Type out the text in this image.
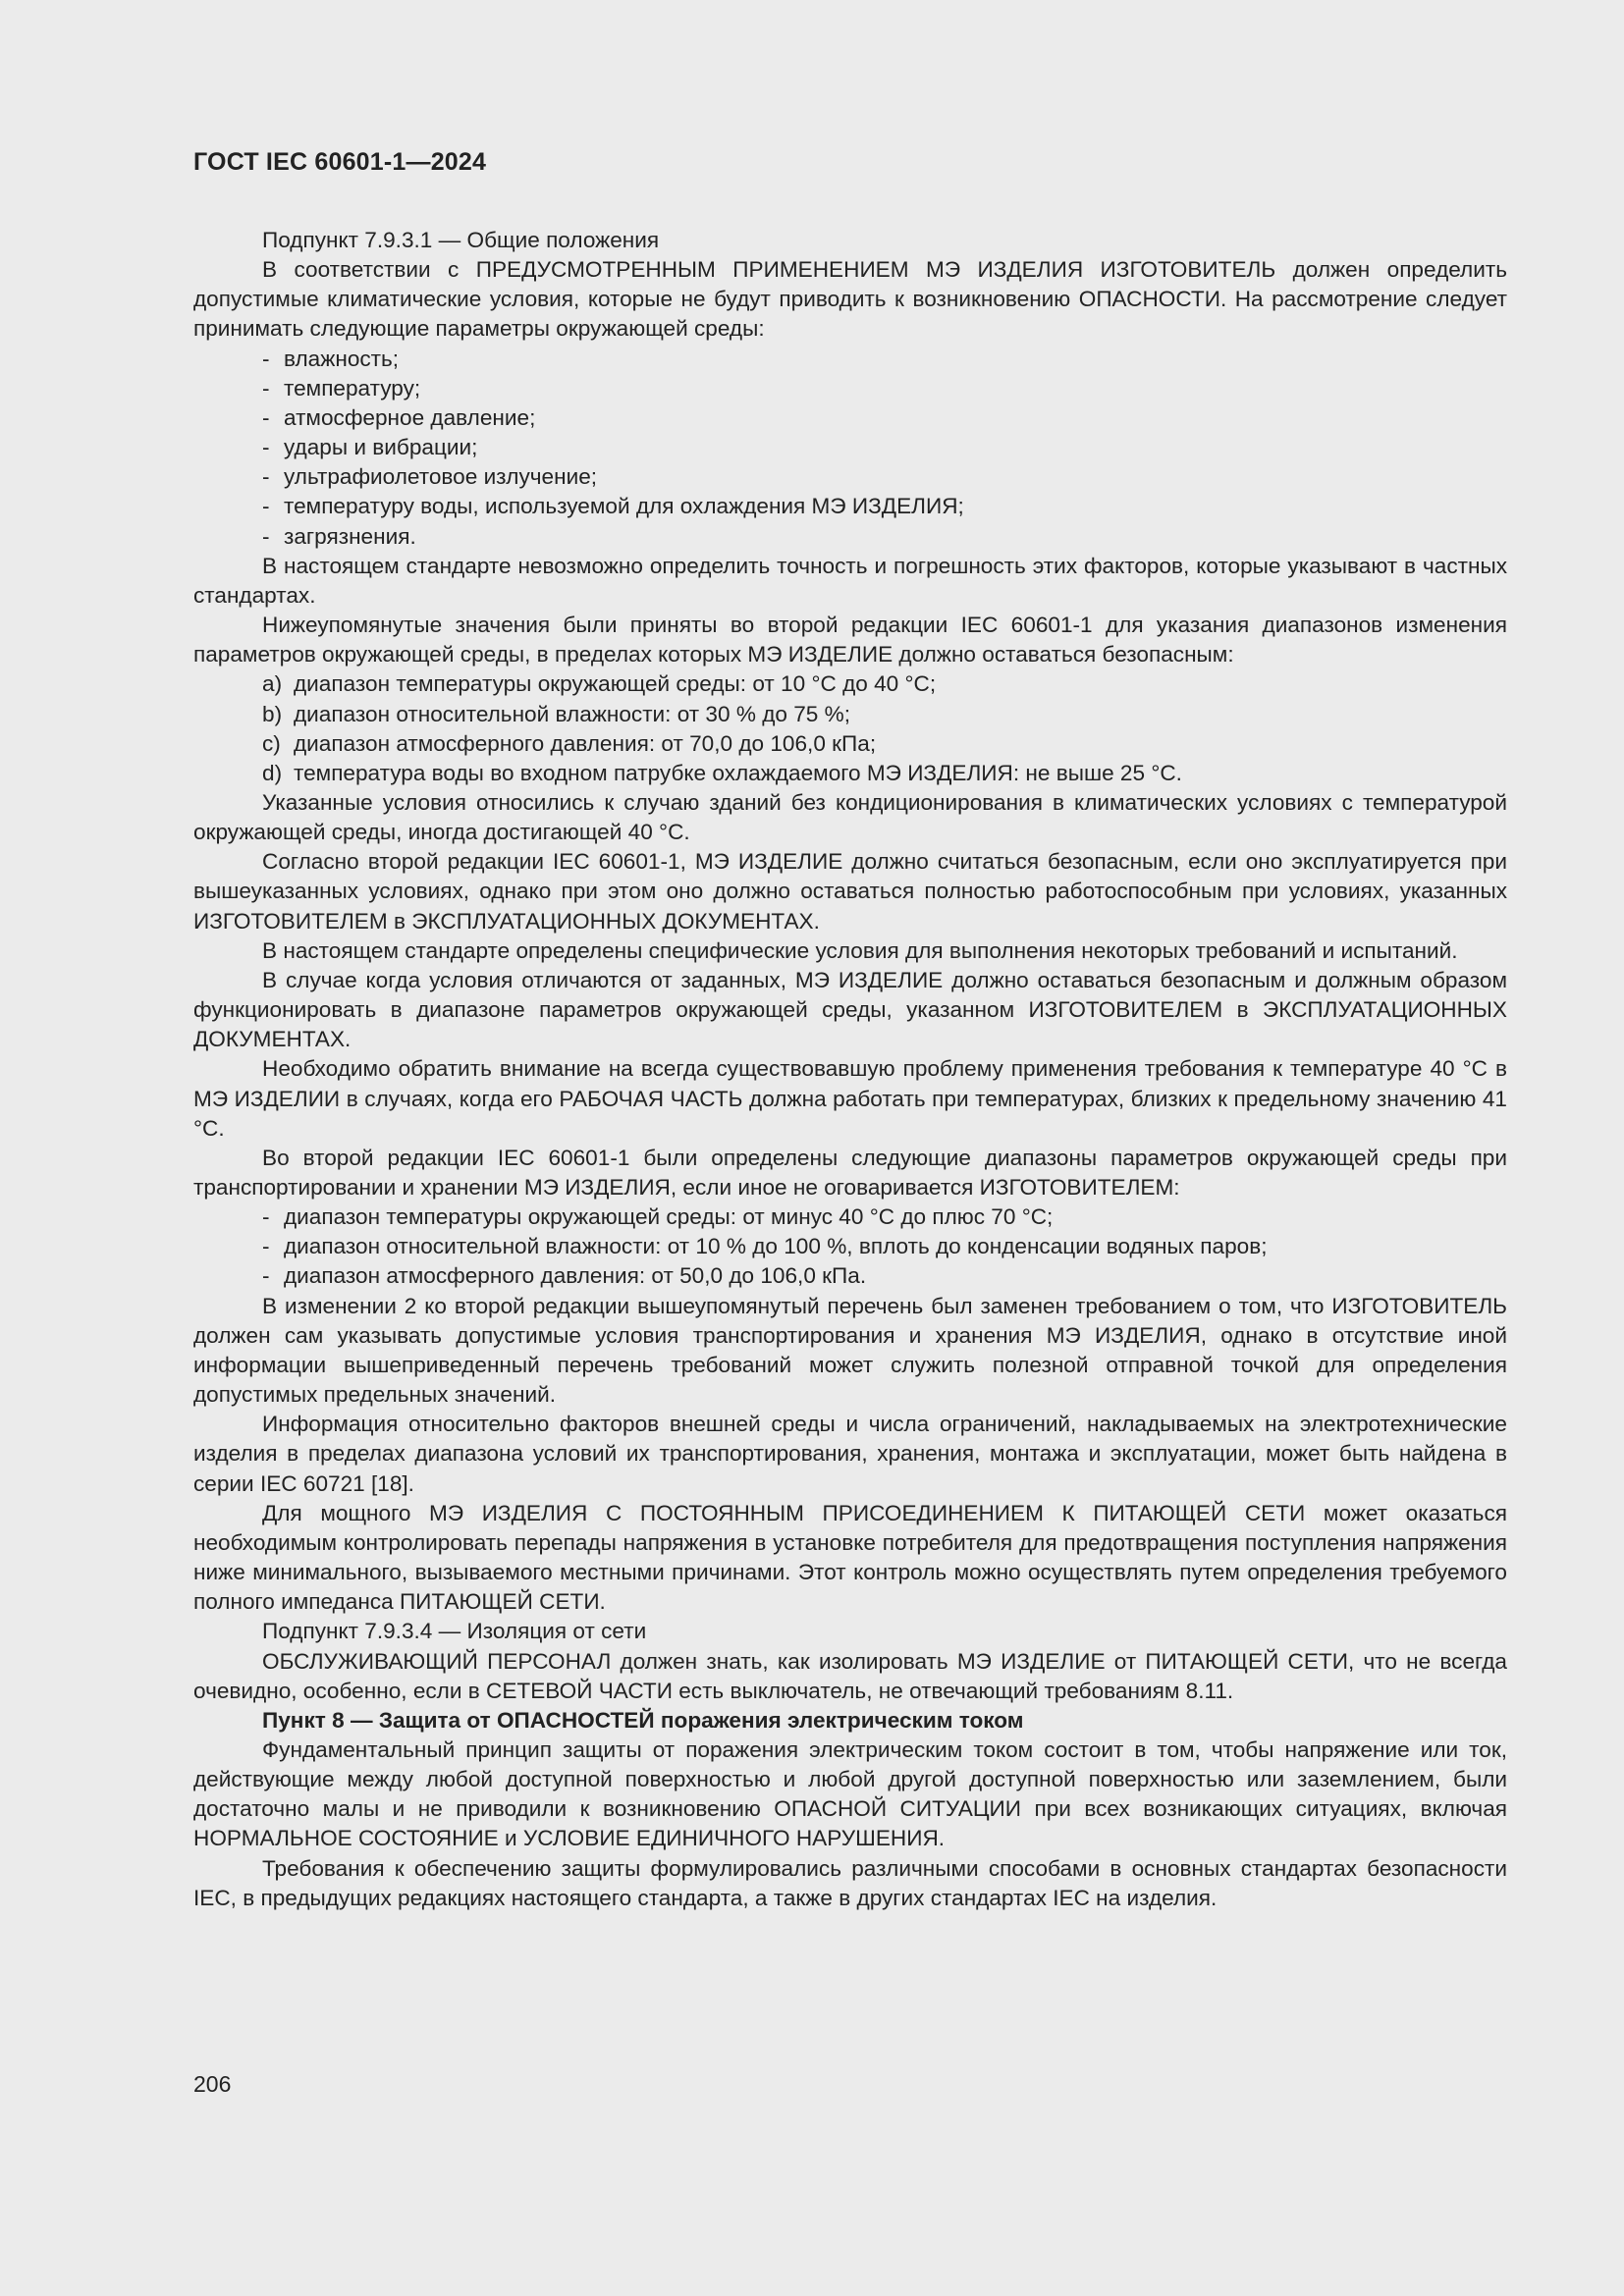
ГОСТ IEC 60601-1—2024

Подпункт 7.9.3.1 — Общие положения

В соответствии с ПРЕДУСМОТРЕННЫМ ПРИМЕНЕНИЕМ МЭ ИЗДЕЛИЯ ИЗГОТОВИТЕЛЬ должен определить допустимые климатические условия, которые не будут приводить к возникновению ОПАСНОСТИ. На рассмотрение следует принимать следующие параметры окружающей среды:

- влажность;
- температуру;
- атмосферное давление;
- удары и вибрации;
- ультрафиолетовое излучение;
- температуру воды, используемой для охлаждения МЭ ИЗДЕЛИЯ;
- загрязнения.

В настоящем стандарте невозможно определить точность и погрешность этих факторов, которые указывают в частных стандартах.

Нижеупомянутые значения были приняты во второй редакции IEC 60601-1 для указания диапазонов изменения параметров окружающей среды, в пределах которых МЭ ИЗДЕЛИЕ должно оставаться безопасным:

a) диапазон температуры окружающей среды: от 10 °С до 40 °С;
b) диапазон относительной влажности: от 30 % до 75 %;
c) диапазон атмосферного давления: от 70,0 до 106,0 кПа;
d) температура воды во входном патрубке охлаждаемого МЭ ИЗДЕЛИЯ: не выше 25 °С.

Указанные условия относились к случаю зданий без кондиционирования в климатических условиях с температурой окружающей среды, иногда достигающей 40 °С.

Согласно второй редакции IEC 60601-1, МЭ ИЗДЕЛИЕ должно считаться безопасным, если оно эксплуатируется при вышеуказанных условиях, однако при этом оно должно оставаться полностью работоспособным при условиях, указанных ИЗГОТОВИТЕЛЕМ в ЭКСПЛУАТАЦИОННЫХ ДОКУМЕНТАХ.

В настоящем стандарте определены специфические условия для выполнения некоторых требований и испытаний.

В случае когда условия отличаются от заданных, МЭ ИЗДЕЛИЕ должно оставаться безопасным и должным образом функционировать в диапазоне параметров окружающей среды, указанном ИЗГОТОВИТЕЛЕМ в ЭКСПЛУАТАЦИОННЫХ ДОКУМЕНТАХ.

Необходимо обратить внимание на всегда существовавшую проблему применения требования к температуре 40 °С в МЭ ИЗДЕЛИИ в случаях, когда его РАБОЧАЯ ЧАСТЬ должна работать при температурах, близких к предельному значению 41 °С.

Во второй редакции IEC 60601-1 были определены следующие диапазоны параметров окружающей среды при транспортировании и хранении МЭ ИЗДЕЛИЯ, если иное не оговаривается ИЗГОТОВИТЕЛЕМ:

- диапазон температуры окружающей среды: от минус 40 °С до плюс 70 °С;
- диапазон относительной влажности: от 10 % до 100 %, вплоть до конденсации водяных паров;
- диапазон атмосферного давления: от 50,0 до 106,0 кПа.

В изменении 2 ко второй редакции вышеупомянутый перечень был заменен требованием о том, что ИЗГОТОВИТЕЛЬ должен сам указывать допустимые условия транспортирования и хранения МЭ ИЗДЕЛИЯ, однако в отсутствие иной информации вышеприведенный перечень требований может служить полезной отправной точкой для определения допустимых предельных значений.

Информация относительно факторов внешней среды и числа ограничений, накладываемых на электротехнические изделия в пределах диапазона условий их транспортирования, хранения, монтажа и эксплуатации, может быть найдена в серии IEC 60721 [18].

Для мощного МЭ ИЗДЕЛИЯ С ПОСТОЯННЫМ ПРИСОЕДИНЕНИЕМ К ПИТАЮЩЕЙ СЕТИ может оказаться необходимым контролировать перепады напряжения в установке потребителя для предотвращения поступления напряжения ниже минимального, вызываемого местными причинами. Этот контроль можно осуществлять путем определения требуемого полного импеданса ПИТАЮЩЕЙ СЕТИ.

Подпункт 7.9.3.4 — Изоляция от сети

ОБСЛУЖИВАЮЩИЙ ПЕРСОНАЛ должен знать, как изолировать МЭ ИЗДЕЛИЕ от ПИТАЮЩЕЙ СЕТИ, что не всегда очевидно, особенно, если в СЕТЕВОЙ ЧАСТИ есть выключатель, не отвечающий требованиям 8.11.

Пункт 8 — Защита от ОПАСНОСТЕЙ поражения электрическим током

Фундаментальный принцип защиты от поражения электрическим током состоит в том, чтобы напряжение или ток, действующие между любой доступной поверхностью и любой другой доступной поверхностью или заземлением, были достаточно малы и не приводили к возникновению ОПАСНОЙ СИТУАЦИИ при всех возникающих ситуациях, включая НОРМАЛЬНОЕ СОСТОЯНИЕ и УСЛОВИЕ ЕДИНИЧНОГО НАРУШЕНИЯ.

Требования к обеспечению защиты формулировались различными способами в основных стандартах безопасности IEC, в предыдущих редакциях настоящего стандарта, а также в других стандартах IEC на изделия.

206
